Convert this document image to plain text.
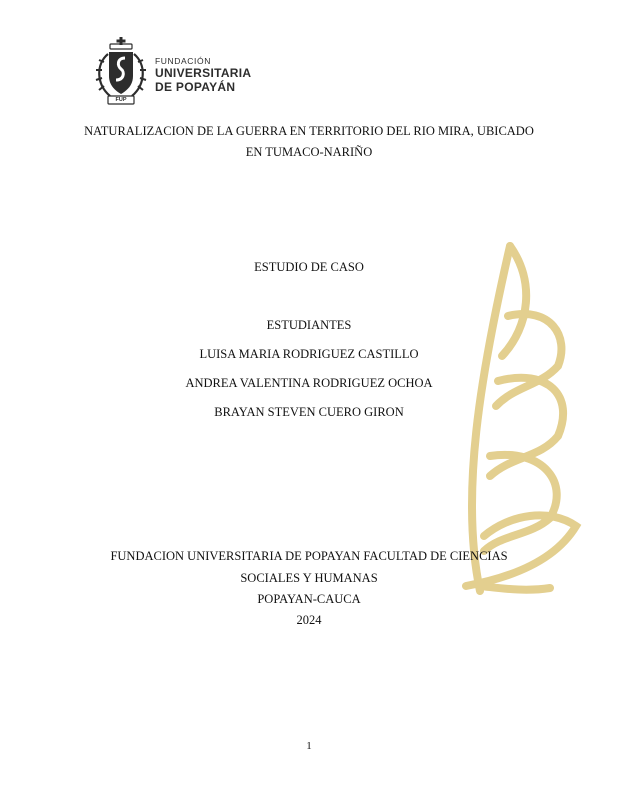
FUP
FUNDACIÓN
UNIVERSITARIA
DE POPAYÁN
NATURALIZACION DE LA GUERRA EN TERRITORIO DEL RIO MIRA, UBICADO
EN TUMACO-NARIÑO
ESTUDIO DE CASO
ESTUDIANTES
LUISA MARIA RODRIGUEZ CASTILLO
ANDREA VALENTINA RODRIGUEZ OCHOA
BRAYAN STEVEN CUERO GIRON
FUNDACION UNIVERSITARIA DE POPAYAN FACULTAD DE CIENCIAS
SOCIALES Y HUMANAS
POPAYAN-CAUCA
2024
1
